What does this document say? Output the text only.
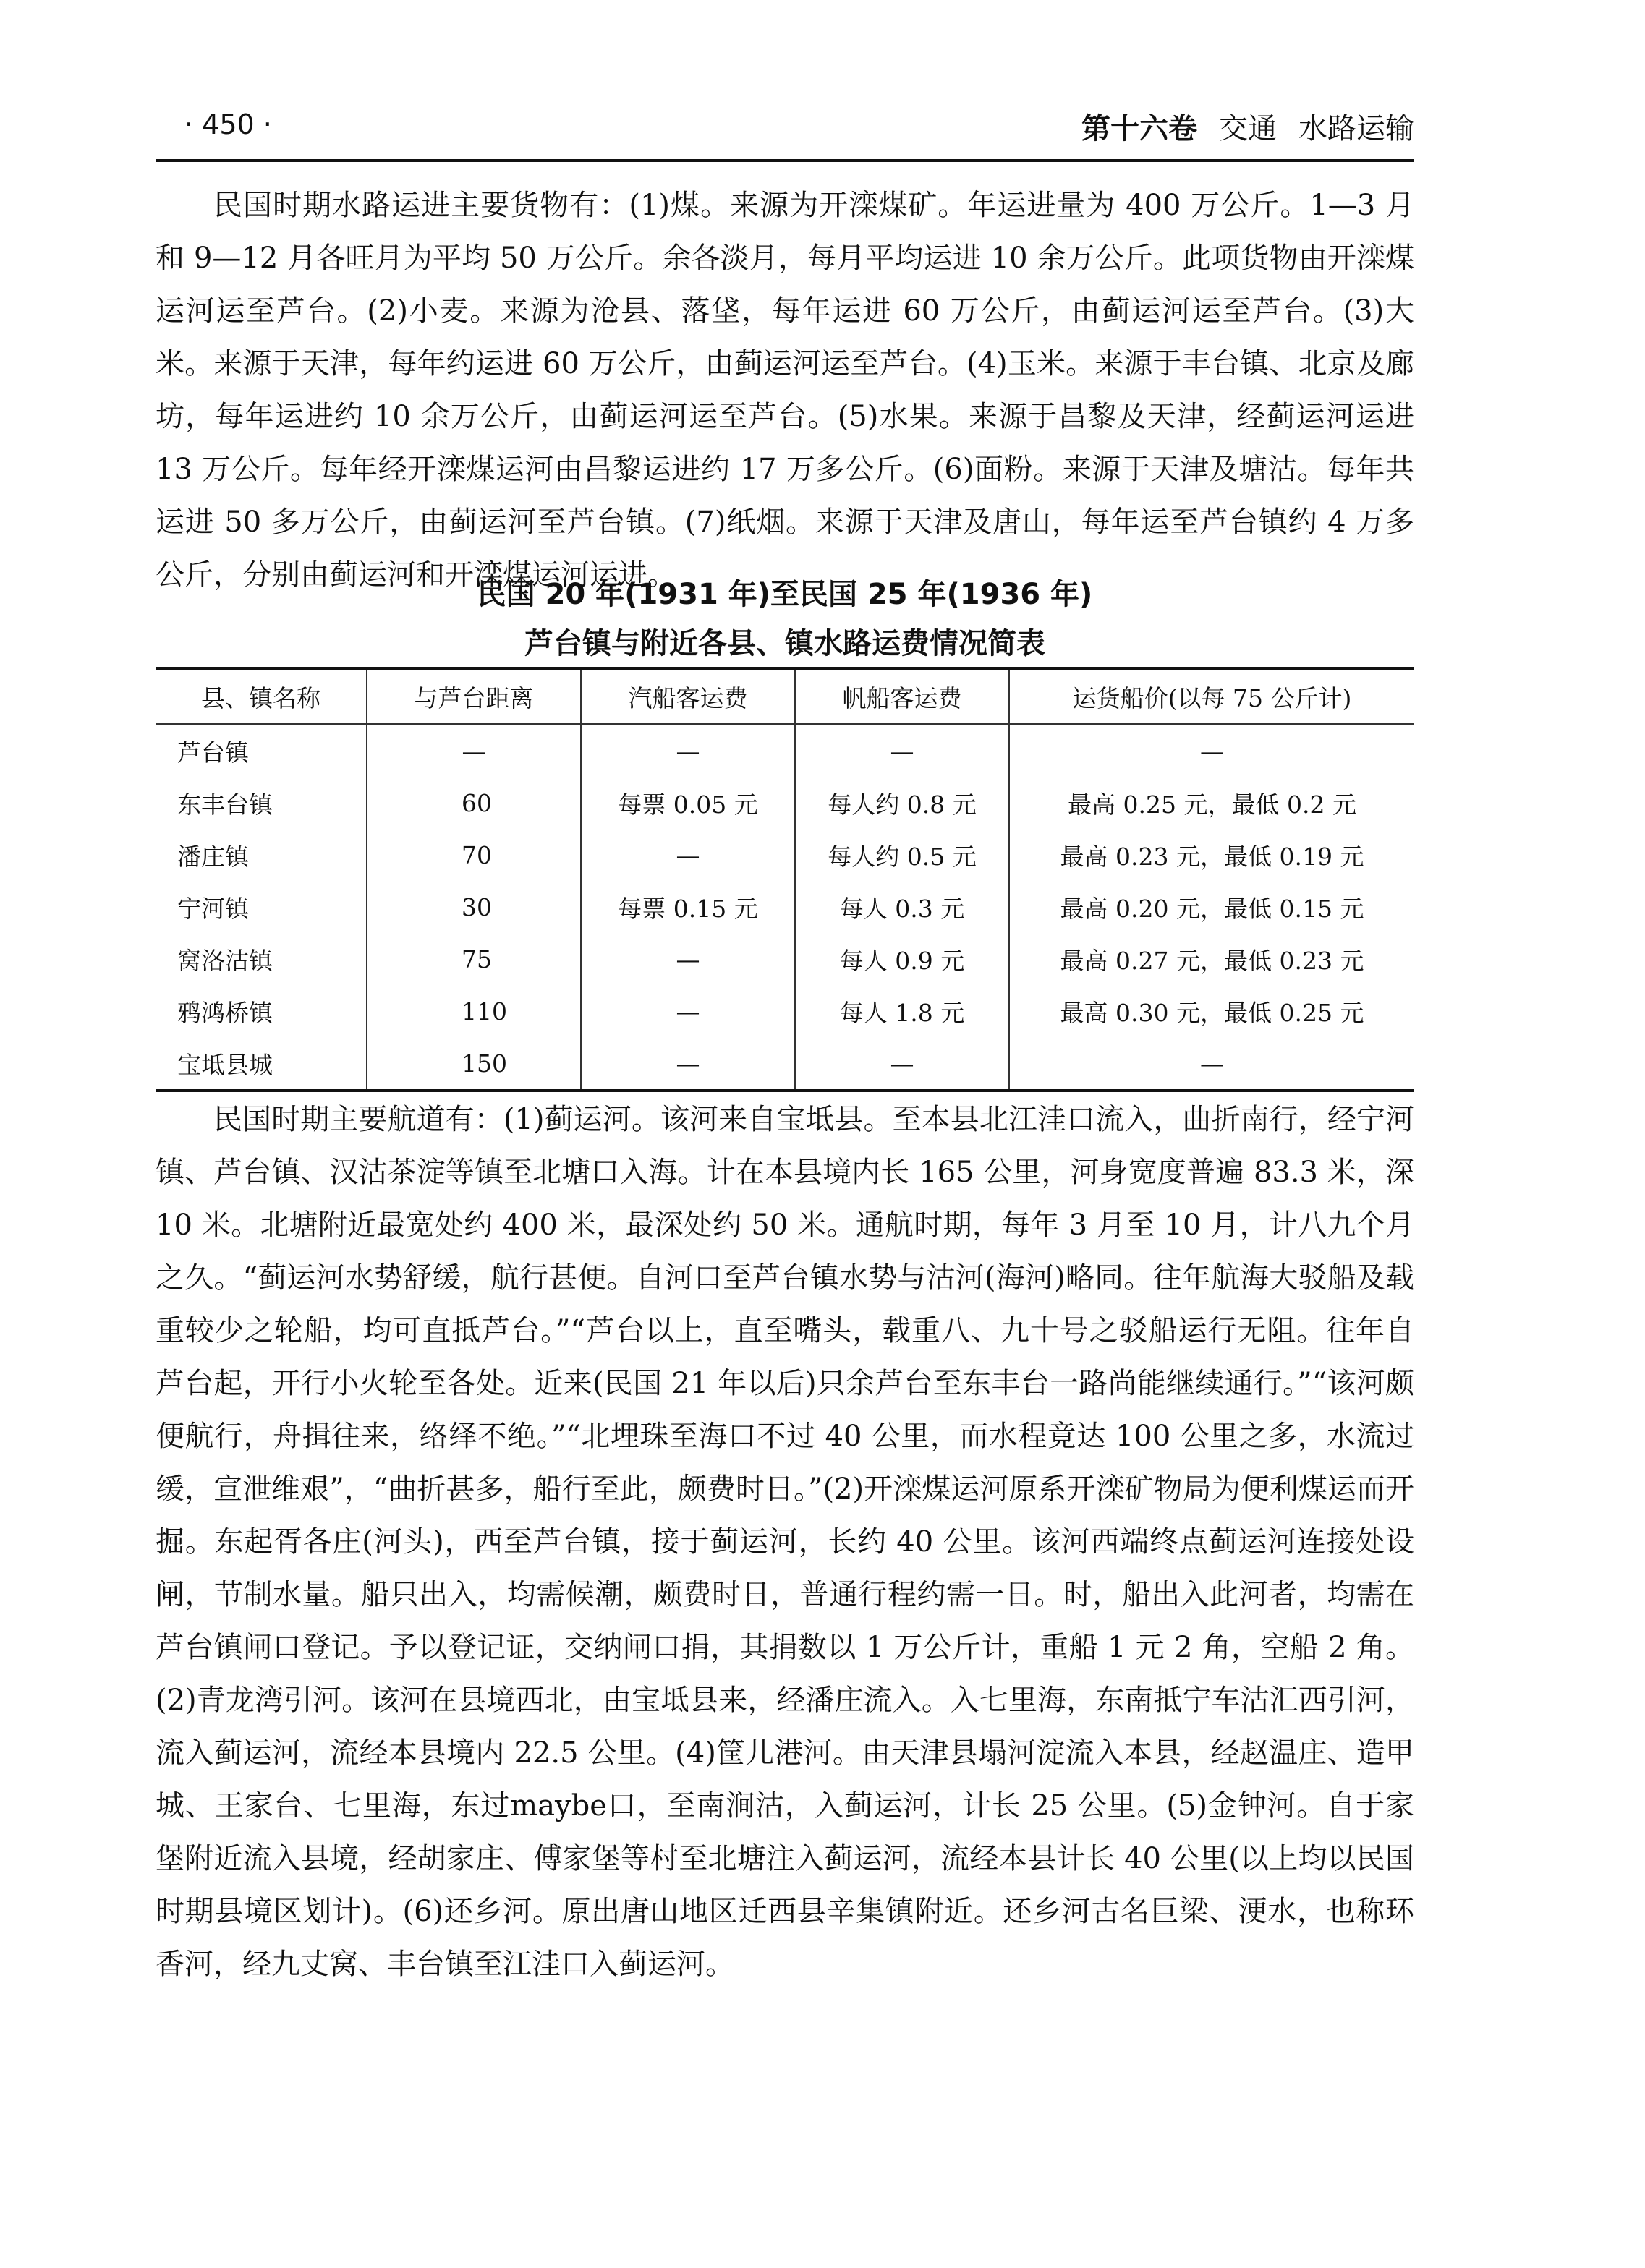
· 450 ·	第十六卷 交通 水路运输

民国时期水路运进主要货物有：(1)煤。来源为开滦煤矿。年运进量为 400 万公斤。1—3 月和 9—12 月各旺月为平均 50 万公斤。余各淡月，每月平均运进 10 余万公斤。此项货物由开滦煤运河运至芦台。(2)小麦。来源为沧县、落垡，每年运进 60 万公斤，由蓟运河运至芦台。(3)大米。来源于天津，每年约运进 60 万公斤，由蓟运河运至芦台。(4)玉米。来源于丰台镇、北京及廊坊，每年运进约 10 余万公斤，由蓟运河运至芦台。(5)水果。来源于昌黎及天津，经蓟运河运进 13 万公斤。每年经开滦煤运河由昌黎运进约 17 万多公斤。(6)面粉。来源于天津及塘沽。每年共运进 50 多万公斤，由蓟运河至芦台镇。(7)纸烟。来源于天津及唐山，每年运至芦台镇约 4 万多公斤，分别由蓟运河和开滦煤运河运进。

民国 20 年(1931 年)至民国 25 年(1936 年)

芦台镇与附近各县、镇水路运费情况简表

县、镇名称	与芦台距离	汽船客运费	帆船客运费	运货船价(以每 75 公斤计)
芦台镇	—	—	—	—
东丰台镇	60	每票 0.05 元	每人约 0.8 元	最高 0.25 元，最低 0.2 元
潘庄镇	70	—	每人约 0.5 元	最高 0.23 元，最低 0.19 元
宁河镇	30	每票 0.15 元	每人 0.3 元	最高 0.20 元，最低 0.15 元
窝洛沽镇	75	—	每人 0.9 元	最高 0.27 元，最低 0.23 元
鸦鸿桥镇	110	—	每人 1.8 元	最高 0.30 元，最低 0.25 元
宝坻县城	150	—	—	—

民国时期主要航道有：(1)蓟运河。该河来自宝坻县。至本县北江洼口流入，曲折南行，经宁河镇、芦台镇、汉沽茶淀等镇至北塘口入海。计在本县境内长 165 公里，河身宽度普遍 83.3 米，深 10 米。北塘附近最宽处约 400 米，最深处约 50 米。通航时期，每年 3 月至 10 月，计八九个月之久。“蓟运河水势舒缓，航行甚便。自河口至芦台镇水势与沽河(海河)略同。往年航海大驳船及载重较少之轮船，均可直抵芦台。”“芦台以上，直至嘴头，载重八、九十号之驳船运行无阻。往年自芦台起，开行小火轮至各处。近来(民国 21 年以后)只余芦台至东丰台一路尚能继续通行。”“该河颇便航行，舟揖往来，络绎不绝。”“北埋珠至海口不过 40 公里，而水程竟达 100 公里之多，水流过缓，宣泄维艰”，“曲折甚多，船行至此，颇费时日。”(2)开滦煤运河原系开滦矿物局为便利煤运而开掘。东起胥各庄(河头)，西至芦台镇，接于蓟运河，长约 40 公里。该河西端终点蓟运河连接处设闸，节制水量。船只出入，均需候潮，颇费时日，普通行程约需一日。时，船出入此河者，均需在芦台镇闸口登记。予以登记证，交纳闸口捐，其捐数以 1 万公斤计，重船 1 元 2 角，空船 2 角。(2)青龙湾引河。该河在县境西北，由宝坻县来，经潘庄流入。入七里海，东南抵宁车沽汇西引河，流入蓟运河，流经本县境内 22.5 公里。(4)筐儿港河。由天津县塌河淀流入本县，经赵温庄、造甲城、王家台、七里海，东过maybe口，至南涧沽，入蓟运河，计长 25 公里。(5)金钟河。自于家堡附近流入县境，经胡家庄、傅家堡等村至北塘注入蓟运河，流经本县计长 40 公里(以上均以民国时期县境区划计)。(6)还乡河。原出唐山地区迁西县辛集镇附近。还乡河古名巨梁、浭水，也称环香河，经九丈窝、丰台镇至江洼口入蓟运河。
